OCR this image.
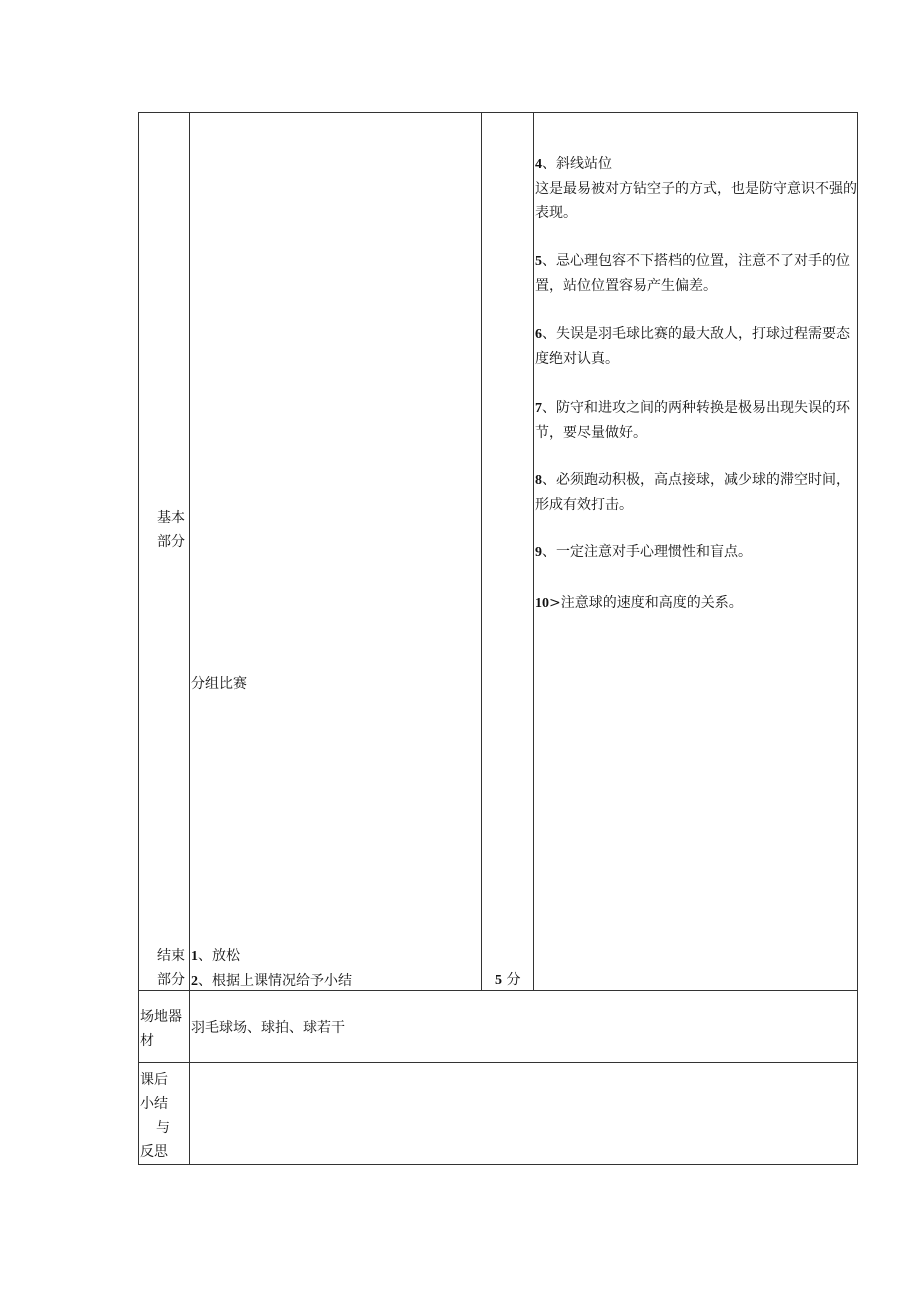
基本
部分
分组比赛
结束
部分
1、放松
2、根据上课情况给予小结	5 分
4、斜线站位
这是最易被对方钻空子的方式，也是防守意识不强的表现。
5、忌心理包容不下搭档的位置，注意不了对手的位置，站位位置容易产生偏差。
6、失误是羽毛球比赛的最大敌人，打球过程需要态度绝对认真。
7、防守和进攻之间的两种转换是极易出现失误的环节，要尽量做好。
8、必须跑动积极，高点接球，减少球的滞空时间，形成有效打击。
9、一定注意对手心理惯性和盲点。
10>注意球的速度和高度的关系。
场地器
材
羽毛球场、球拍、球若干
课后
小结
与
反思
